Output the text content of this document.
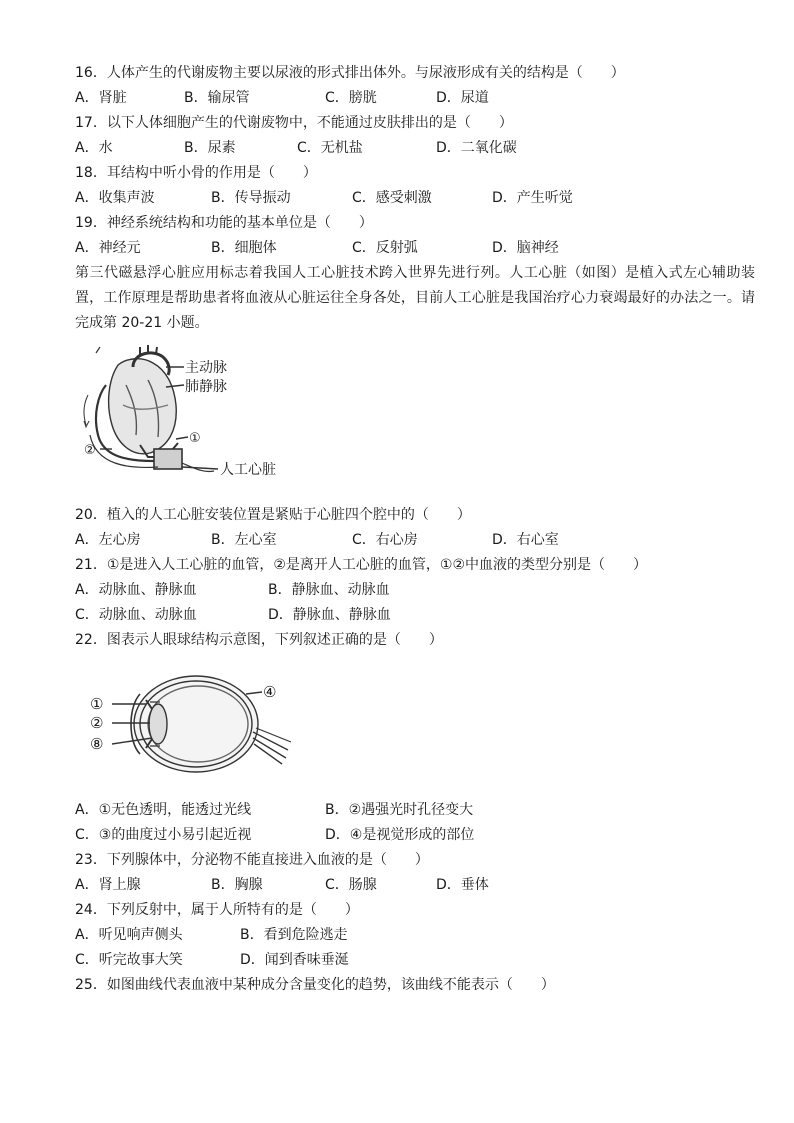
16．人体产生的代谢废物主要以尿液的形式排出体外。与尿液形成有关的结构是（　　）
A．肾脏	B．输尿管	C．膀胱	D．尿道
17．以下人体细胞产生的代谢废物中，不能通过皮肤排出的是（　　）
A．水	B．尿素	C．无机盐	D．二氧化碳
18．耳结构中听小骨的作用是（　　）
A．收集声波	B．传导振动	C．感受刺激	D．产生听觉
19．神经系统结构和功能的基本单位是（　　）
A．神经元	B．细胞体	C．反射弧	D．脑神经
第三代磁悬浮心脏应用标志着我国人工心脏技术跨入世界先进行列。人工心脏（如图）是植入式左心辅助装置，工作原理是帮助患者将血液从心脏运往全身各处，目前人工心脏是我国治疗心力衰竭最好的办法之一。请完成第 20-21 小题。
主动脉
肺静脉
①
②
人工心脏
20．植入的人工心脏安装位置是紧贴于心脏四个腔中的（　　）
A．左心房	B．左心室	C．右心房	D．右心室
21．①是进入人工心脏的血管，②是离开人工心脏的血管，①②中血液的类型分别是（　　）
A．动脉血、静脉血	B．静脉血、动脉血
C．动脉血、动脉血	D．静脉血、静脉血
22．图表示人眼球结构示意图，下列叙述正确的是（　　）
①
②
⑧
④
A．①无色透明，能透过光线	B．②遇强光时孔径变大
C．③的曲度过小易引起近视	D．④是视觉形成的部位
23．下列腺体中，分泌物不能直接进入血液的是（　　）
A．肾上腺	B．胸腺	C．肠腺	D．垂体
24．下列反射中，属于人所特有的是（　　）
A．听见响声侧头	B．看到危险逃走
C．听完故事大笑	D．闻到香味垂涎
25．如图曲线代表血液中某种成分含量变化的趋势，该曲线不能表示（　　）
